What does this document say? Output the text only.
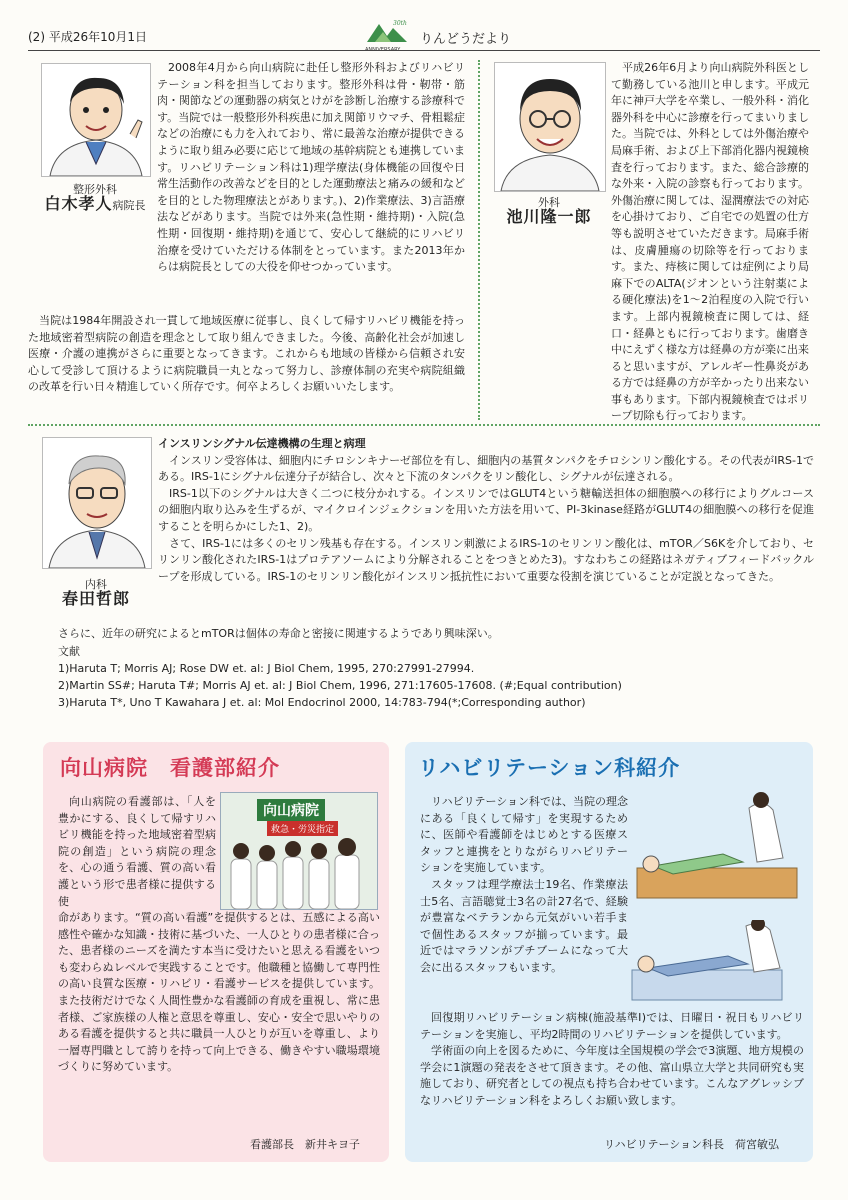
(2) 平成26年10月1日
30th
ANNIVERSARY
りんどうだより
整形外科
白木孝人病院長

2008年4月から向山病院に赴任し整形外科およびリハビリテーション科を担当しております。整形外科は骨・靭帯・筋肉・関節などの運動器の病気とけがを診断し治療する診療科です。当院では一般整形外科疾患に加え関節リウマチ、骨粗鬆症などの治療にも力を入れており、常に最善な治療が提供できるように取り組み必要に応じて地域の基幹病院とも連携しています。リハビリテーション科は1)理学療法(身体機能の回復や日常生活動作の改善などを目的とした運動療法と痛みの緩和などを目的とした物理療法とがあります。)、2)作業療法、3)言語療法などがあります。当院では外来(急性期・維持期)・入院(急性期・回復期・維持期)を通じて、安心して継続的にリハビリ治療を受けていただける体制をとっています。また2013年からは病院長としての大役を仰せつかっています。

当院は1984年開設され一貫して地域医療に従事し、良くして帰すリハビリ機能を持った地域密着型病院の創造を理念として取り組んできました。今後、高齢化社会が加速し医療・介護の連携がさらに重要となってきます。これからも地域の皆様から信頼され安心して受診して頂けるように病院職員一丸となって努力し、診療体制の充実や病院組織の改革を行い日々精進していく所存です。何卒よろしくお願いいたします。

外科
池川隆一郎

平成26年6月より向山病院外科医として勤務している池川と申します。平成元年に神戸大学を卒業し、一般外科・消化器外科を中心に診療を行ってまいりました。当院では、外科としては外傷治療や局麻手術、および上下部消化器内視鏡検査を行っております。また、総合診療的な外来・入院の診察も行っております。外傷治療に関しては、湿潤療法での対応を心掛けており、ご自宅での処置の仕方等も説明させていただきます。局麻手術は、皮膚腫瘍の切除等を行っております。また、痔核に関しては症例により局麻下でのALTA(ジオンという注射薬による硬化療法)を1～2泊程度の入院で行います。上部内視鏡検査に関しては、経口・経鼻ともに行っております。歯磨き中にえずく様な方は経鼻の方が楽に出来ると思いますが、アレルギー性鼻炎がある方では経鼻の方が辛かったり出来ない事もあります。下部内視鏡検査ではポリープ切除も行っております。

内科
春田哲郎

インスリンシグナル伝達機構の生理と病理

インスリン受容体は、細胞内にチロシンキナーゼ部位を有し、細胞内の基質タンパクをチロシンリン酸化する。その代表がIRS-1である。IRS-1にシグナル伝達分子が結合し、次々と下流のタンパクをリン酸化し、シグナルが伝達される。

IRS-1以下のシグナルは大きく二つに枝分かれする。インスリンではGLUT4という糖輸送担体の細胞膜への移行によりグルコースの細胞内取り込みを生ずるが、マイクロインジェクションを用いた方法を用いて、PI-3kinase経路がGLUT4の細胞膜への移行を促進することを明らかにした1、2)。

さて、IRS-1には多くのセリン残基も存在する。インスリン刺激によるIRS-1のセリンリン酸化は、mTOR／S6Kを介しており、セリンリン酸化されたIRS-1はプロテアソームにより分解されることをつきとめた3)。すなわちこの経路はネガティブフィードバックループを形成している。IRS-1のセリンリン酸化がインスリン抵抗性において重要な役割を演じていることが定説となってきた。

さらに、近年の研究によるとmTORは個体の寿命と密接に関連するようであり興味深い。

文献
1)Haruta T; Morris AJ; Rose DW et. al: J Biol Chem, 1995, 270:27991-27994.
2)Martin SS#; Haruta T#; Morris AJ et. al: J Biol Chem, 1996, 271:17605-17608. (#;Equal contribution)
3)Haruta T*, Uno T Kawahara J et. al: Mol Endocrinol 2000, 14:783-794(*;Corresponding author)
向山病院　看護部紹介
向山病院
救急・労災指定

向山病院の看護部は、「人を豊かにする、良くして帰すリハビリ機能を持った地域密着型病院の創造」という病院の理念を、心の通う看護、質の高い看護という形で患者様に提供する使

命があります。“質の高い看護”を提供するとは、五感による高い感性や確かな知識・技術に基づいた、一人ひとりの患者様に合った、患者様のニーズを満たす本当に受けたいと思える看護をいつも変わらぬレベルで実践することです。他職種と協働して専門性の高い良質な医療・リハビリ・看護サービスを提供しています。また技術だけでなく人間性豊かな看護師の育成を重視し、常に患者様、ご家族様の人権と意思を尊重し、安心・安全で思いやりのある看護を提供すると共に職員一人ひとりが互いを尊重し、より一層専門職として誇りを持って向上できる、働きやすい職場環境づくりに努めています。

看護部長　新井キヨ子
リハビリテーション科紹介

リハビリテーション科では、当院の理念にある「良くして帰す」を実現するために、医師や看護師をはじめとする医療スタッフと連携をとりながらリハビリテーションを実施しています。

スタッフは理学療法士19名、作業療法士5名、言語聴覚士3名の計27名で、経験が豊富なベテランから元気がいい若手まで個性あるスタッフが揃っています。最近ではマラソンがプチブームになって大会に出るスタッフもいます。

回復期リハビリテーション病棟(施設基準Ⅰ)では、日曜日・祝日もリハビリテーションを実施し、平均2時間のリハビリテーションを提供しています。

学術面の向上を図るために、今年度は全国規模の学会で3演題、地方規模の学会に1演題の発表をさせて頂きます。その他、富山県立大学と共同研究も実施しており、研究者としての視点も持ち合わせています。こんなアグレッシブなリハビリテーション科をよろしくお願い致します。

リハビリテーション科長　荷宮敏弘
